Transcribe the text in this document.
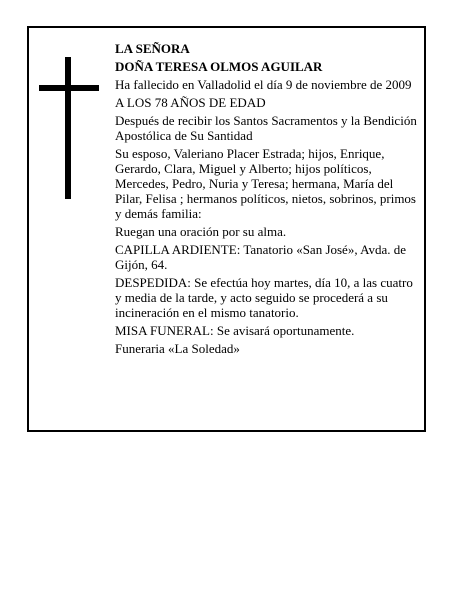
LA SEÑORA

DOÑA TERESA OLMOS AGUILAR

Ha fallecido en Valladolid el día 9 de noviembre de 2009

A LOS 78 AÑOS DE EDAD

Después de recibir los Santos Sacramentos y la Bendición Apostólica de Su Santidad

Su esposo, Valeriano Placer Estrada; hijos, Enrique, Gerardo, Clara, Miguel y Alberto; hijos políticos, Mercedes, Pedro, Nuria y Teresa; hermana, María del Pilar, Felisa ; hermanos políticos, nietos, sobrinos, primos y demás familia:

Ruegan una oración por su alma.

CAPILLA ARDIENTE: Tanatorio «San José», Avda. de Gijón, 64.

DESPEDIDA: Se efectúa hoy martes, día 10, a las cuatro y media de la tarde, y acto seguido se procederá a su incineración en el mismo tanatorio.

MISA FUNERAL: Se avisará oportunamente.

Funeraria «La Soledad»
